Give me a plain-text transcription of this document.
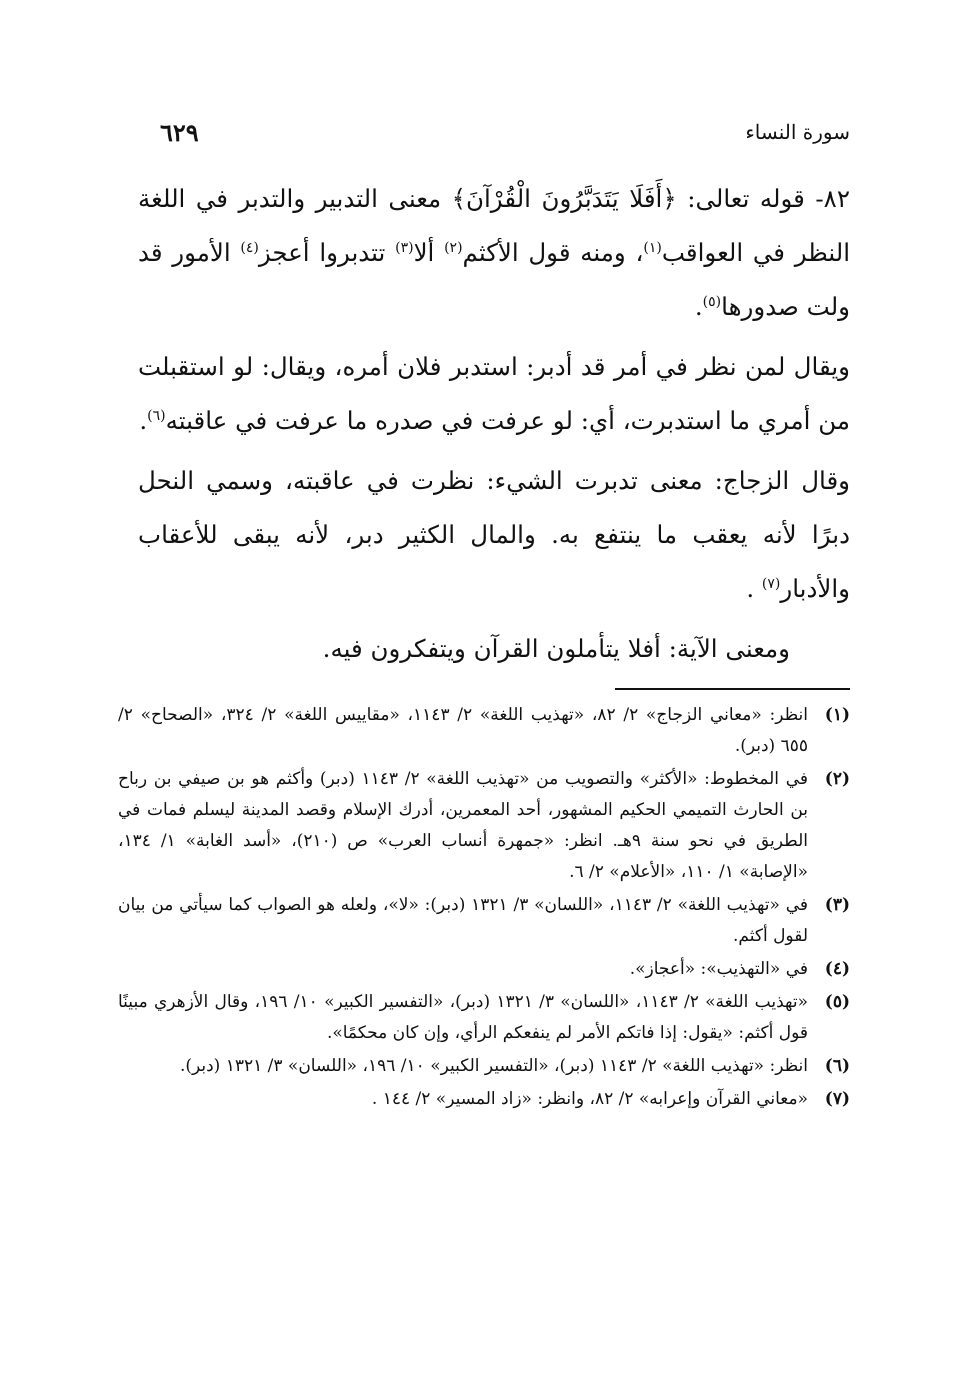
سورة النساء
٦٢٩

٨٢- قوله تعالى: ﴿أَفَلَا يَتَدَبَّرُونَ الْقُرْآنَ﴾ معنى التدبير والتدبر في اللغة النظر في العواقب$^{(١)}$، ومنه قول الأكثم$^{(٢)}$ ألا$^{(٣)}$ تتدبروا أعجز$^{(٤)}$ الأمور قد ولت صدورها$^{(٥)}$.

ويقال لمن نظر في أمر قد أدبر: استدبر فلان أمره، ويقال: لو استقبلت من أمري ما استدبرت، أي: لو عرفت في صدره ما عرفت في عاقبته$^{(٦)}$.

وقال الزجاج: معنى تدبرت الشيء: نظرت في عاقبته، وسمي النحل دبرًا لأنه يعقب ما ينتفع به. والمال الكثير دبر، لأنه يبقى للأعقاب والأدبار$^{(٧)}$ .

ومعنى الآية: أفلا يتأملون القرآن ويتفكرون فيه.

(١)
انظر: «معاني الزجاج» ٢/ ٨٢، «تهذيب اللغة» ٢/ ١١٤٣، «مقاييس اللغة» ٢/ ٣٢٤، «الصحاح» ٢/ ٦٥٥ (دبر).
(٢)
في المخطوط: «الأكثر» والتصويب من «تهذيب اللغة» ٢/ ١١٤٣ (دبر) وأكثم هو بن صيفي بن رباح بن الحارث التميمي الحكيم المشهور، أحد المعمرين، أدرك الإسلام وقصد المدينة ليسلم فمات في الطريق في نحو سنة ٩هـ. انظر: «جمهرة أنساب العرب» ص (٢١٠)، «أسد الغابة» ١/ ١٣٤، «الإصابة» ١/ ١١٠، «الأعلام» ٢/ ٦.
(٣)
في «تهذيب اللغة» ٢/ ١١٤٣، «اللسان» ٣/ ١٣٢١ (دبر): «لا»، ولعله هو الصواب كما سيأتي من بيان لقول أكثم.
(٤)
في «التهذيب»: «أعجاز».
(٥)
«تهذيب اللغة» ٢/ ١١٤٣، «اللسان» ٣/ ١٣٢١ (دبر)، «التفسير الكبير» ١٠/ ١٩٦، وقال الأزهري مبينًا قول أكثم: «يقول: إذا فاتكم الأمر لم ينفعكم الرأي، وإن كان محكمًا».
(٦)
انظر: «تهذيب اللغة» ٢/ ١١٤٣ (دبر)، «التفسير الكبير» ١٠/ ١٩٦، «اللسان» ٣/ ١٣٢١ (دبر).
(٧)
«معاني القرآن وإعرابه» ٢/ ٨٢، وانظر: «زاد المسير» ٢/ ١٤٤ .
